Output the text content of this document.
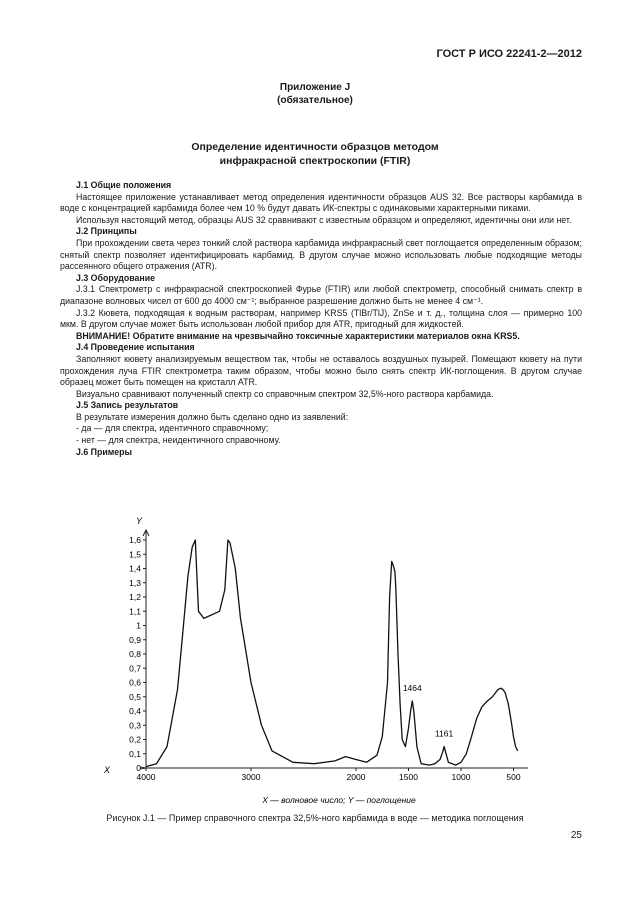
ГОСТ Р ИСО 22241-2—2012
Приложение J
(обязательное)
Определение идентичности образцов методом
инфракрасной спектроскопии (FTIR)

J.1 Общие положения

Настоящее приложение устанавливает метод определения идентичности образцов AUS 32. Все растворы карбамида в воде с концентрацией карбамида более чем 10 % будут давать ИК-спектры с одинаковыми характерными пиками.

Используя настоящий метод, образцы AUS 32 сравнивают с известным образцом и определяют, идентичны они или нет.

J.2 Принципы

При прохождении света через тонкий слой раствора карбамида инфракрасный свет поглощается определенным образом; снятый спектр позволяет идентифицировать карбамид. В другом случае можно использовать любые подходящие методы рассеянного общего отражения (ATR).

J.3 Оборудование

J.3.1 Спектрометр с инфракрасной спектроскопией Фурье (FTIR) или любой спектрометр, способный снимать спектр в диапазоне волновых чисел от 600 до 4000 см⁻¹; выбранное разрешение должно быть не менее 4 см⁻¹.

J.3.2 Кювета, подходящая к водным растворам, например KRS5 (TlBr/TlJ), ZnSe и т. д., толщина слоя — примерно 100 мкм. В другом случае может быть использован любой прибор для ATR, пригодный для жидкостей.

ВНИМАНИЕ! Обратите внимание на чрезвычайно токсичные характеристики материалов окна KRS5.

J.4 Проведение испытания

Заполняют кювету анализируемым веществом так, чтобы не оставалось воздушных пузырей. Помещают кювету на пути прохождения луча FTIR спектрометра таким образом, чтобы можно было снять спектр ИК-поглощения. В другом случае образец может быть помещен на кристалл ATR.

Визуально сравнивают полученный спектр со справочным спектром 32,5%-ного раствора карбамида.

J.5 Запись результатов

В результате измерения должно быть сделано одно из заявлений:

- да — для спектра, идентичного справочному;

- нет — для спектра, неидентичного справочному.

J.6 Примеры

Y
X	0
0,1
0,2
0,3
0,4
0,5
0,6
0,7
0,8
0,9
1
1,1
1,2
1,3
1,4
1,5
1,6
4000	3000	2000	1500	1000	500
X — волновое число; Y — поглощение
1464
1161
Рисунок J.1 — Пример справочного спектра 32,5%-ного карбамида в воде — методика поглощения
25
